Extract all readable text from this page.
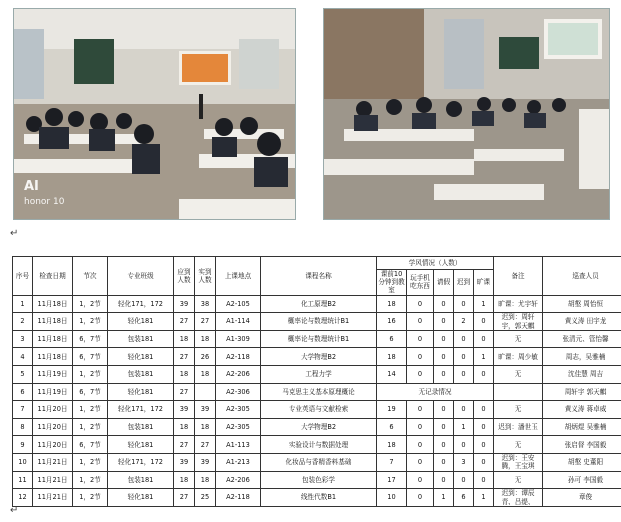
AI
honor 10
↵
序号	检查日期	节次	专业班级	应到人数	实到人数	上课地点	课程名称	学风情况（人数）					备注	巡查人员
								课前10分钟到教室	玩手机吃东西	请假	迟到	旷课		
1	11月18日	1，2节	轻化171，172	39	38	A2-105	化工原理B2	18	0	0	0	1	旷课：尤宇轩	胡壑 周怡恒
2	11月18日	1，2节	轻化181	27	27	A1-114	概率论与数理统计B1	16	0	0	2	0	迟到：周轩宇，郭天麒	黄义涛 田宇龙
3	11月18日	6，7节	包装181	18	18	A1-309	概率论与数理统计B1	6	0	0	0	0	无	张清元、管怡馨
4	11月18日	6，7节	轻化181	27	26	A2-118	大学物理B2	18	0	0	0	1	旷课：周少敏	周志，吴雅楠
5	11月19日	1，2节	包装181	18	18	A2-206	工程力学	14	0	0	0	0	无	沈佳慧 周吉
6	11月19日	6，7节	轻化181	27		A2-306	马克思主义基本原理概论	无记录情况						周轩宇 郭天麒
7	11月20日	1，2节	轻化171，172	39	39	A2-305	专业英语与文献检索	19	0	0	0	0	无	黄义涛 蒋卓威
8	11月20日	1，2节	包装181	18	18	A2-305	大学物理B2	6	0	0	1	0	迟到：潘世玉	胡炳煜 吴雅楠
9	11月20日	6，7节	轻化181	27	27	A1-113	实验设计与数据处理	18	0	0	0	0	无	张启督 李国毅
10	11月21日	1，2节	轻化171，172	39	39	A1-213	化妆品与香精香料基础	7	0	0	3	0	迟到：王安腾，王宝琪	胡壑 史董阳
11	11月21日	1，2节	包装181	18	18	A2-206	包装色彩学	17	0	0	0	0	无	孙可 李国毅
12	11月21日	1，2节	轻化181	27	25	A2-118	线性代数B1	10	0	1	6	1	迟到：谭辰青、吕缇、	章俊
↵
